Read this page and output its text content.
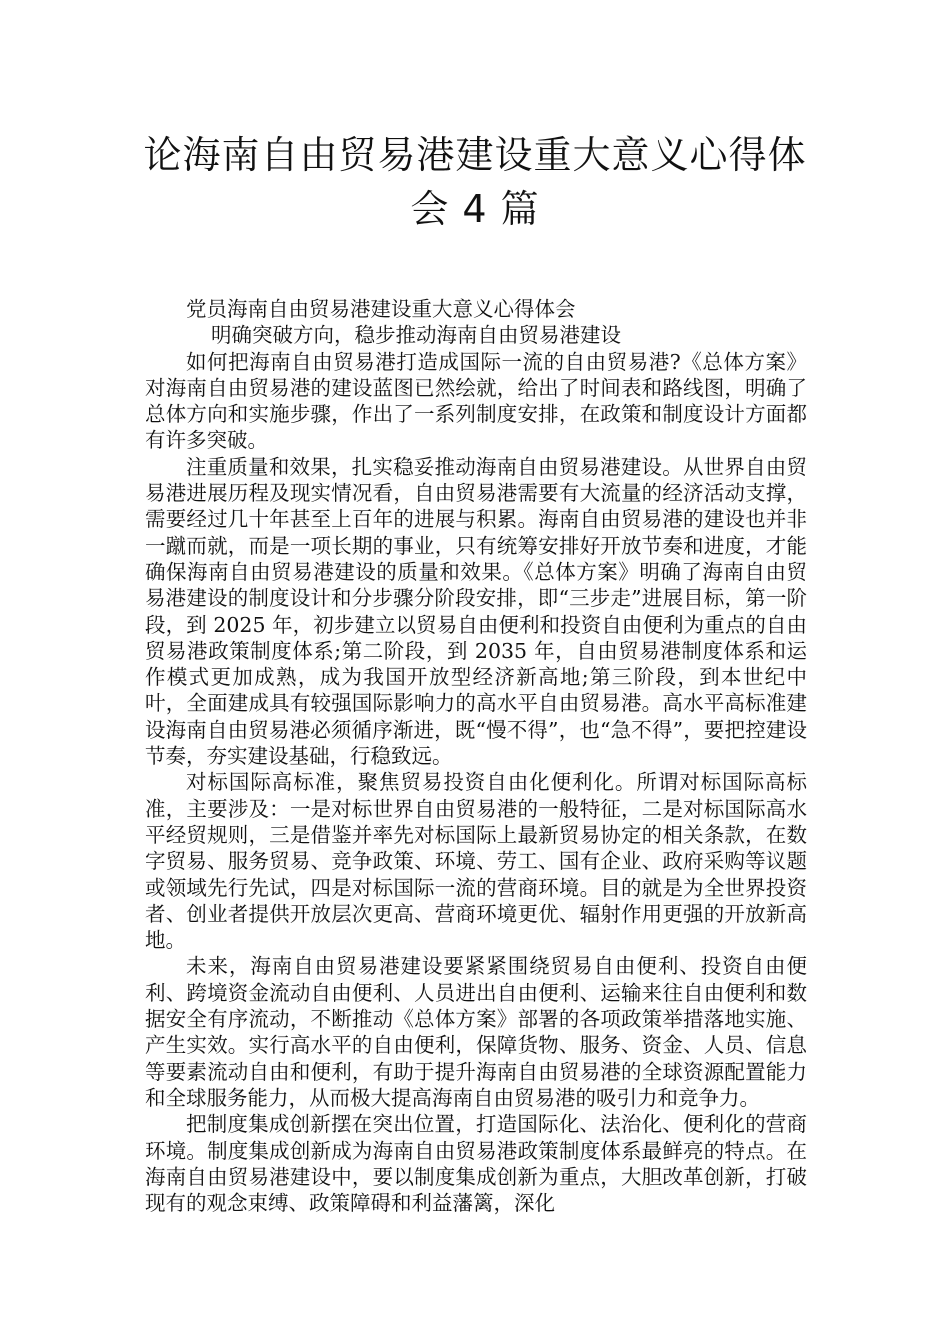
论海南自由贸易港建设重大意义心得体
会 4 篇

党员海南自由贸易港建设重大意义心得体会

明确突破方向，稳步推动海南自由贸易港建设

如何把海南自由贸易港打造成国际一流的自由贸易港?《总体方案》对海南自由贸易港的建设蓝图已然绘就，给出了时间表和路线图，明确了总体方向和实施步骤，作出了一系列制度安排，在政策和制度设计方面都有许多突破。

注重质量和效果，扎实稳妥推动海南自由贸易港建设。从世界自由贸易港进展历程及现实情况看，自由贸易港需要有大流量的经济活动支撑，需要经过几十年甚至上百年的进展与积累。海南自由贸易港的建设也并非一蹴而就，而是一项长期的事业，只有统筹安排好开放节奏和进度，才能确保海南自由贸易港建设的质量和效果。《总体方案》明确了海南自由贸易港建设的制度设计和分步骤分阶段安排，即“三步走”进展目标，第一阶段，到 2025 年，初步建立以贸易自由便利和投资自由便利为重点的自由贸易港政策制度体系;第二阶段，到 2035 年，自由贸易港制度体系和运作模式更加成熟，成为我国开放型经济新高地;第三阶段，到本世纪中叶，全面建成具有较强国际影响力的高水平自由贸易港。高水平高标准建设海南自由贸易港必须循序渐进，既“慢不得”，也“急不得”，要把控建设节奏，夯实建设基础，行稳致远。

对标国际高标准，聚焦贸易投资自由化便利化。所谓对标国际高标准，主要涉及：一是对标世界自由贸易港的一般特征，二是对标国际高水平经贸规则，三是借鉴并率先对标国际上最新贸易协定的相关条款，在数字贸易、服务贸易、竞争政策、环境、劳工、国有企业、政府采购等议题或领域先行先试，四是对标国际一流的营商环境。目的就是为全世界投资者、创业者提供开放层次更高、营商环境更优、辐射作用更强的开放新高地。

未来，海南自由贸易港建设要紧紧围绕贸易自由便利、投资自由便利、跨境资金流动自由便利、人员进出自由便利、运输来往自由便利和数据安全有序流动，不断推动《总体方案》部署的各项政策举措落地实施、产生实效。实行高水平的自由便利，保障货物、服务、资金、人员、信息等要素流动自由和便利，有助于提升海南自由贸易港的全球资源配置能力和全球服务能力，从而极大提高海南自由贸易港的吸引力和竞争力。

把制度集成创新摆在突出位置，打造国际化、法治化、便利化的营商环境。制度集成创新成为海南自由贸易港政策制度体系最鲜亮的特点。在海南自由贸易港建设中，要以制度集成创新为重点，大胆改革创新，打破现有的观念束缚、政策障碍和利益藩篱，深化
